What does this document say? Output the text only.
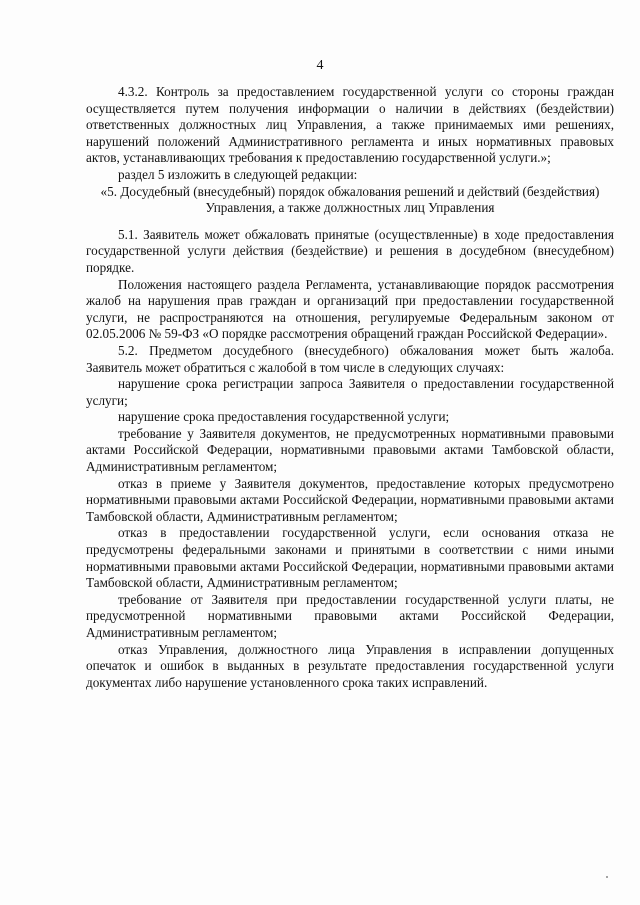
4

4.3.2. Контроль за предоставлением государственной услуги со стороны граждан осуществляется путем получения информации о наличии в действиях (бездействии) ответственных должностных лиц Управления, а также принимаемых ими решениях, нарушений положений Административного регламента и иных нормативных правовых актов, устанавливающих требования к предоставлению государственной услуги.»;

раздел 5 изложить в следующей редакции:

«5. Досудебный (внесудебный) порядок обжалования решений и действий (бездействия) Управления, а также должностных лиц Управления

5.1. Заявитель может обжаловать принятые (осуществленные) в ходе предоставления государственной услуги действия (бездействие) и решения в досудебном (внесудебном) порядке.

Положения настоящего раздела Регламента, устанавливающие порядок рассмотрения жалоб на нарушения прав граждан и организаций при предоставлении государственной услуги, не распространяются на отношения, регулируемые Федеральным законом от 02.05.2006 № 59-ФЗ «О порядке рассмотрения обращений граждан Российской Федерации».

5.2. Предметом досудебного (внесудебного) обжалования может быть жалоба. Заявитель может обратиться с жалобой в том числе в следующих случаях:

нарушение срока регистрации запроса Заявителя о предоставлении государственной услуги;

нарушение срока предоставления государственной услуги;

требование у Заявителя документов, не предусмотренных нормативными правовыми актами Российской Федерации, нормативными правовыми актами Тамбовской области, Административным регламентом;

отказ в приеме у Заявителя документов, предоставление которых предусмотрено нормативными правовыми актами Российской Федерации, нормативными правовыми актами Тамбовской области, Административным регламентом;

отказ в предоставлении государственной услуги, если основания отказа не предусмотрены федеральными законами и принятыми в соответствии с ними иными нормативными правовыми актами Российской Федерации, нормативными правовыми актами Тамбовской области, Административным регламентом;

требование от Заявителя при предоставлении государственной услуги платы, не предусмотренной нормативными правовыми актами Российской Федерации, Административным регламентом;

отказ Управления, должностного лица Управления в исправлении допущенных опечаток и ошибок в выданных в результате предоставления государственной услуги документах либо нарушение установленного срока таких исправлений.
